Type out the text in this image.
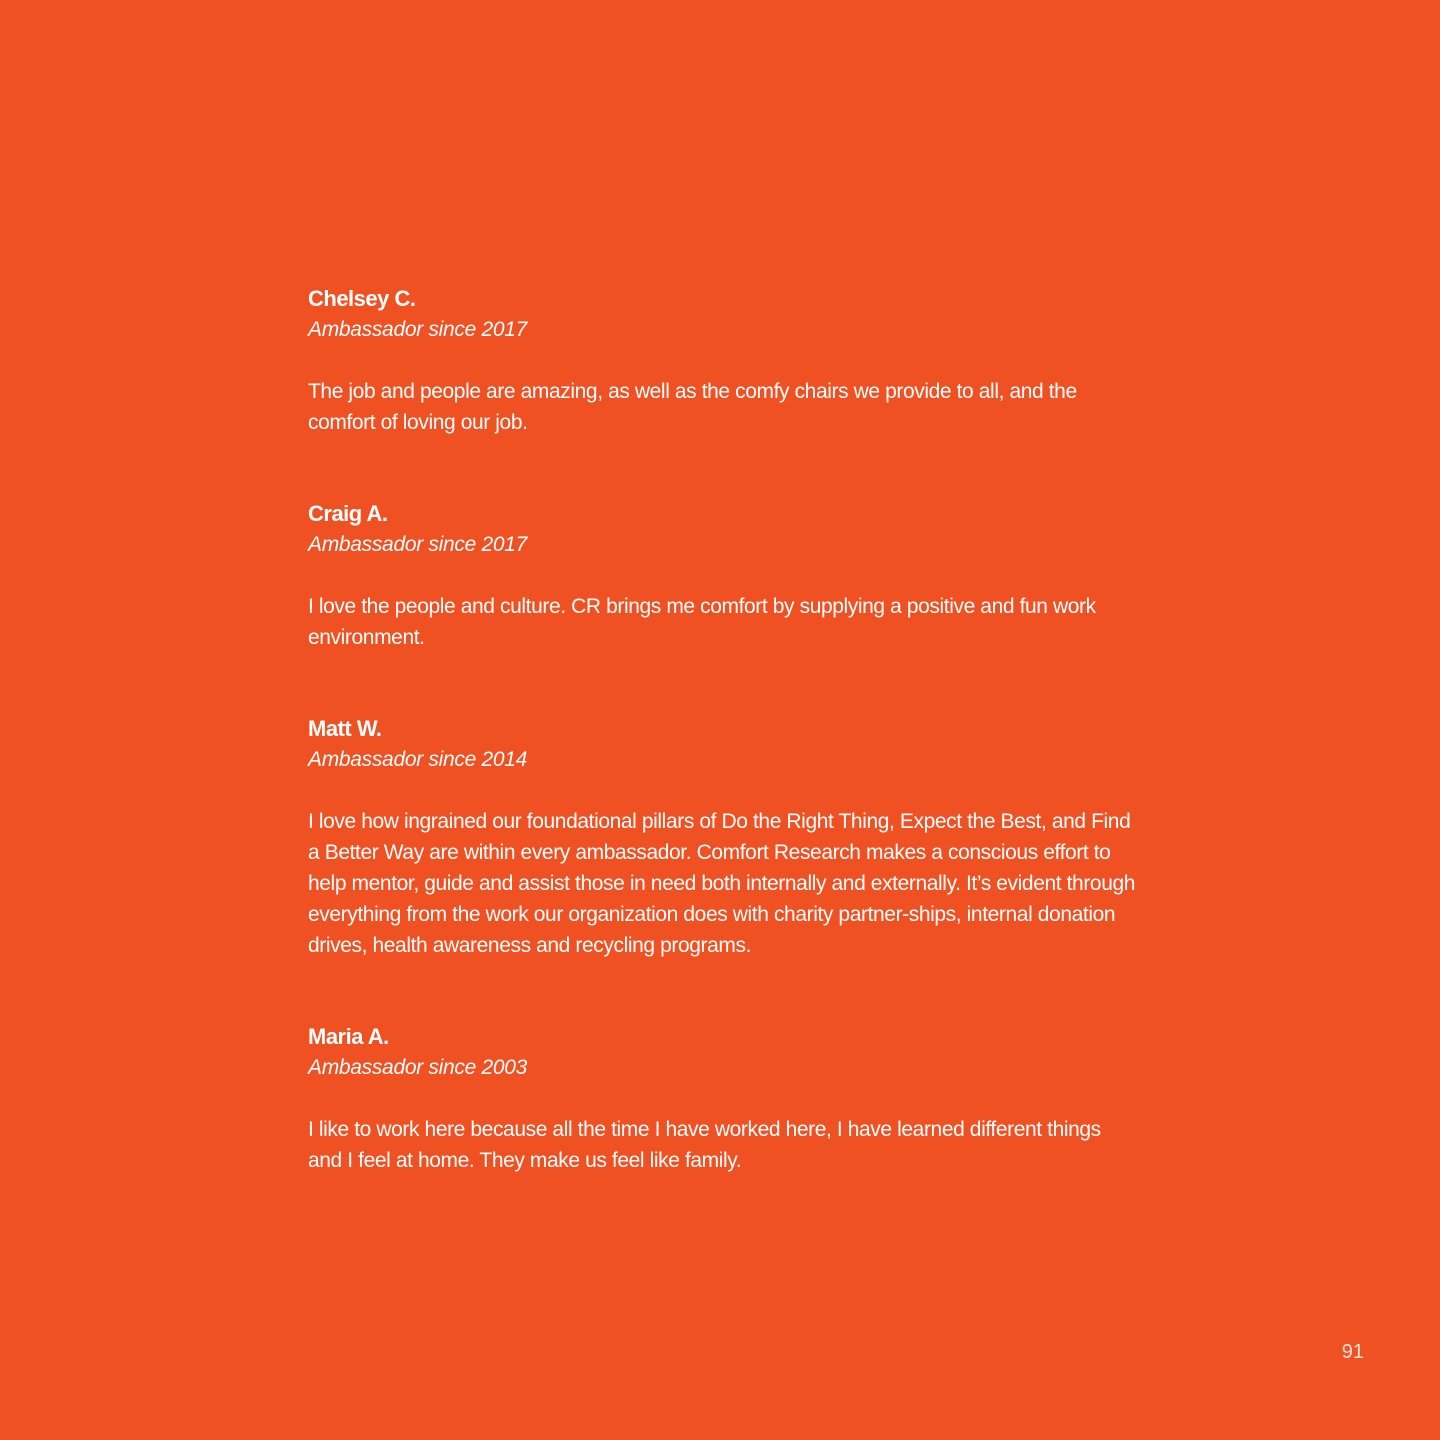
Chelsey C.

Ambassador since 2017

The job and people are amazing, as well as the comfy chairs we provide to all, and the comfort of loving our job.

Craig A.

Ambassador since 2017

I love the people and culture. CR brings me comfort by supplying a positive and fun work environment.

Matt W.

Ambassador since 2014

I love how ingrained our foundational pillars of Do the Right Thing, Expect the Best, and Find a Better Way are within every ambassador. Comfort Research makes a conscious effort to help mentor, guide and assist those in need both internally and externally. It’s evident through everything from the work our organization does with charity partner-ships, internal donation drives, health awareness and recycling programs.

Maria A.

Ambassador since 2003

I like to work here because all the time I have worked here, I have learned different things and I feel at home. They make us feel like family.

91
